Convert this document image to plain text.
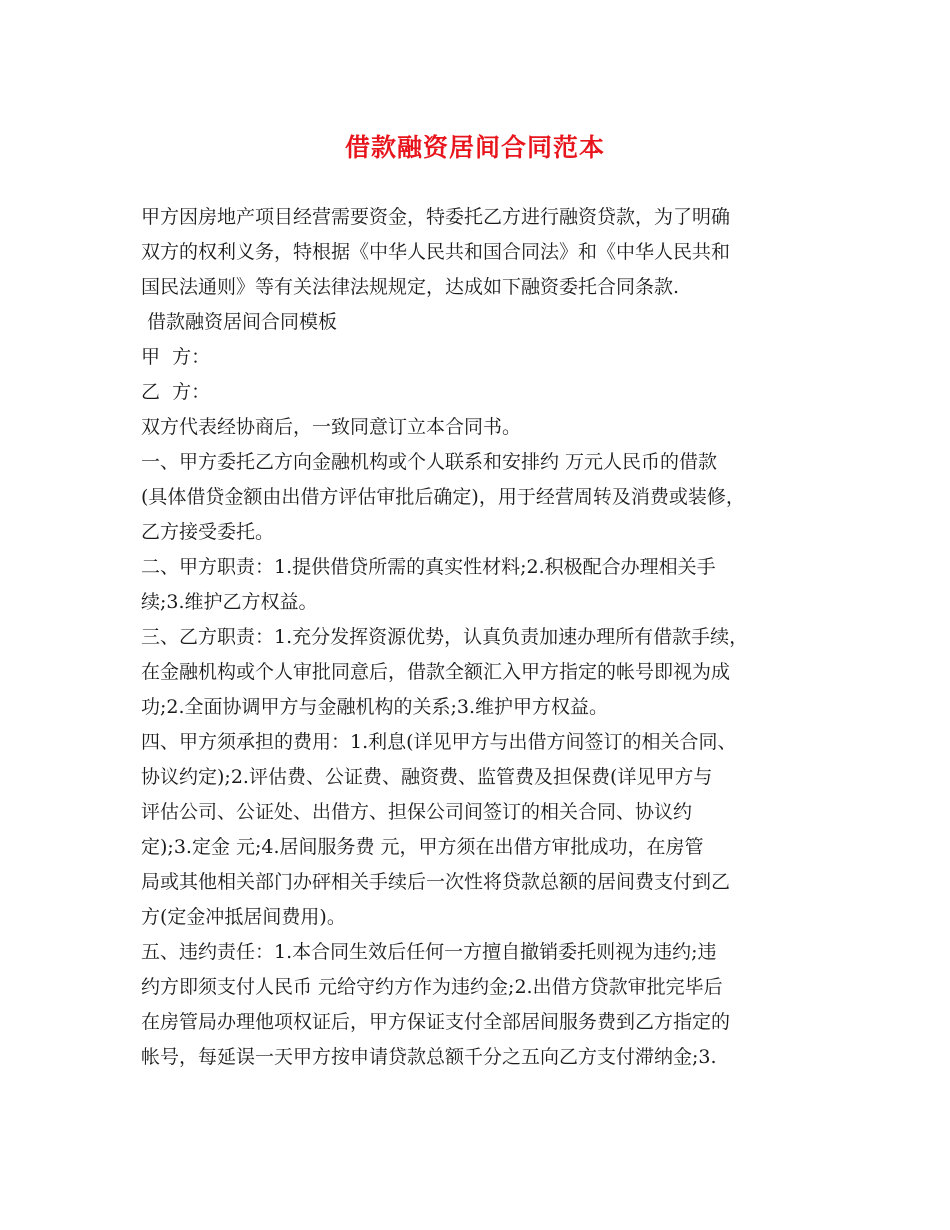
借款融资居间合同范本
甲方因房地产项目经营需要资金，特委托乙方进行融资贷款，为了明确
双方的权利义务，特根据《中华人民共和国合同法》和《中华人民共和
国民法通则》等有关法律法规规定，达成如下融资委托合同条款.
借款融资居间合同模板
甲  方：
乙  方：
双方代表经协商后，一致同意订立本合同书。
一、甲方委托乙方向金融机构或个人联系和安排约 万元人民币的借款
(具体借贷金额由出借方评估审批后确定)，用于经营周转及消费或装修，
乙方接受委托。
二、甲方职责：1.提供借贷所需的真实性材料;2.积极配合办理相关手
续;3.维护乙方权益。
三、乙方职责：1.充分发挥资源优势，认真负责加速办理所有借款手续，
在金融机构或个人审批同意后，借款全额汇入甲方指定的帐号即视为成
功;2.全面协调甲方与金融机构的关系;3.维护甲方权益。
四、甲方须承担的费用：1.利息(详见甲方与出借方间签订的相关合同、
协议约定);2.评估费、公证费、融资费、监管费及担保费(详见甲方与
评估公司、公证处、出借方、担保公司间签订的相关合同、协议约
定);3.定金 元;4.居间服务费 元，甲方须在出借方审批成功，在房管
局或其他相关部门办砰相关手续后一次性将贷款总额的居间费支付到乙
方(定金冲抵居间费用)。
五、违约责任：1.本合同生效后任何一方擅自撤销委托则视为违约;违
约方即须支付人民币 元给守约方作为违约金;2.出借方贷款审批完毕后
在房管局办理他项权证后，甲方保证支付全部居间服务费到乙方指定的
帐号，每延误一天甲方按申请贷款总额千分之五向乙方支付滞纳金;3.
